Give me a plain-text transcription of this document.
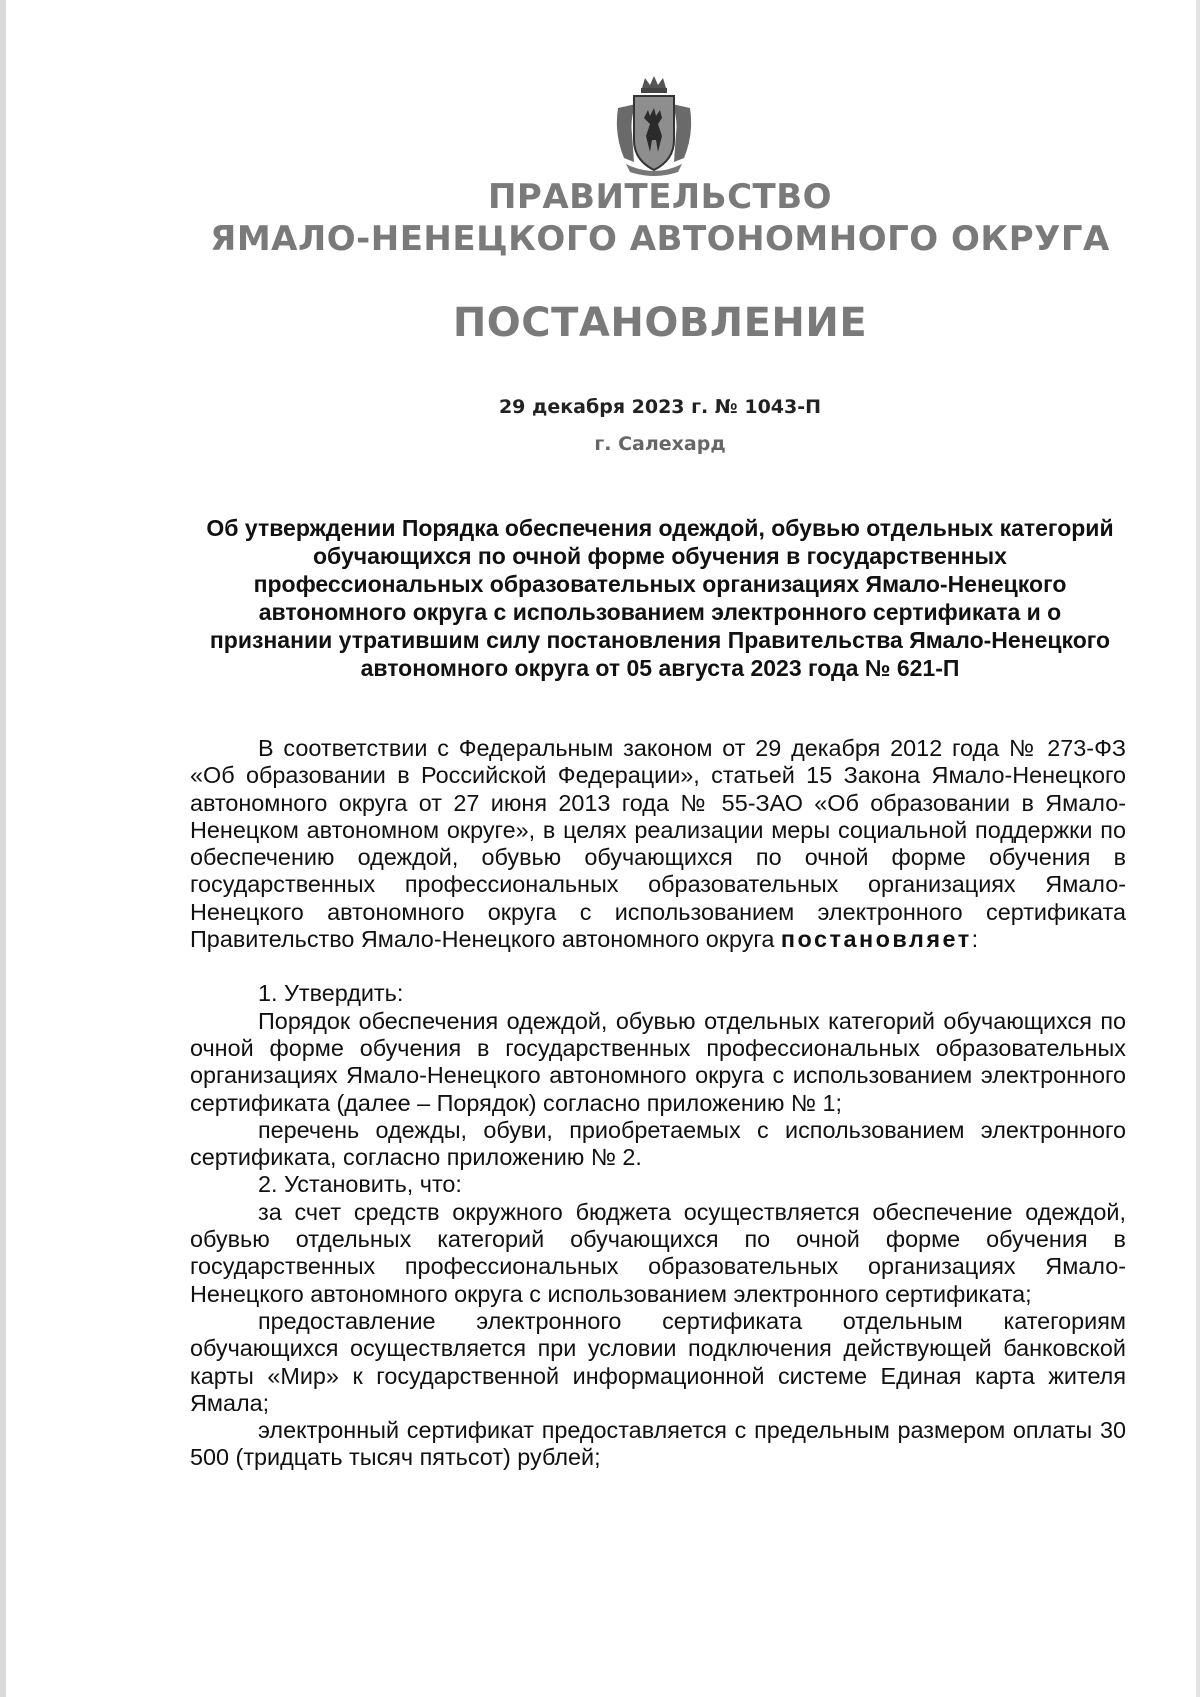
ПРАВИТЕЛЬСТВО
ЯМАЛО-НЕНЕЦКОГО АВТОНОМНОГО ОКРУГА
ПОСТАНОВЛЕНИЕ
29 декабря 2023 г. № 1043-П
г. Салехард
Об утверждении Порядка обеспечения одеждой, обувью отдельных категорий обучающихся по очной форме обучения в государственных профессиональных образовательных организациях Ямало-Ненецкого автономного округа с использованием электронного сертификата и о признании утратившим силу постановления Правительства Ямало-Ненецкого автономного округа от 05 августа 2023 года № 621-П

В соответствии с Федеральным законом от 29 декабря 2012 года № 273-ФЗ «Об образовании в Российской Федерации», статьей 15 Закона Ямало-Ненецкого автономного округа от 27 июня 2013 года № 55-ЗАО «Об образовании в Ямало-Ненецком автономном округе», в целях реализации меры социальной поддержки по обеспечению одеждой, обувью обучающихся по очной форме обучения в государственных профессиональных образовательных организациях Ямало-Ненецкого автономного округа с использованием электронного сертификата Правительство Ямало-Ненецкого автономного округа постановляет:

1. Утвердить:

Порядок обеспечения одеждой, обувью отдельных категорий обучающихся по очной форме обучения в государственных профессиональных образовательных организациях Ямало-Ненецкого автономного округа с использованием электронного сертификата (далее – Порядок) согласно приложению № 1;

перечень одежды, обуви, приобретаемых с использованием электронного сертификата, согласно приложению № 2.

2. Установить, что:

за счет средств окружного бюджета осуществляется обеспечение одеждой, обувью отдельных категорий обучающихся по очной форме обучения в государственных профессиональных образовательных организациях Ямало-Ненецкого автономного округа с использованием электронного сертификата;

предоставление электронного сертификата отдельным категориям обучающихся осуществляется при условии подключения действующей банковской карты «Мир» к государственной информационной системе Единая карта жителя Ямала;

электронный сертификат предоставляется с предельным размером оплаты 30 500 (тридцать тысяч пятьсот) рублей;
